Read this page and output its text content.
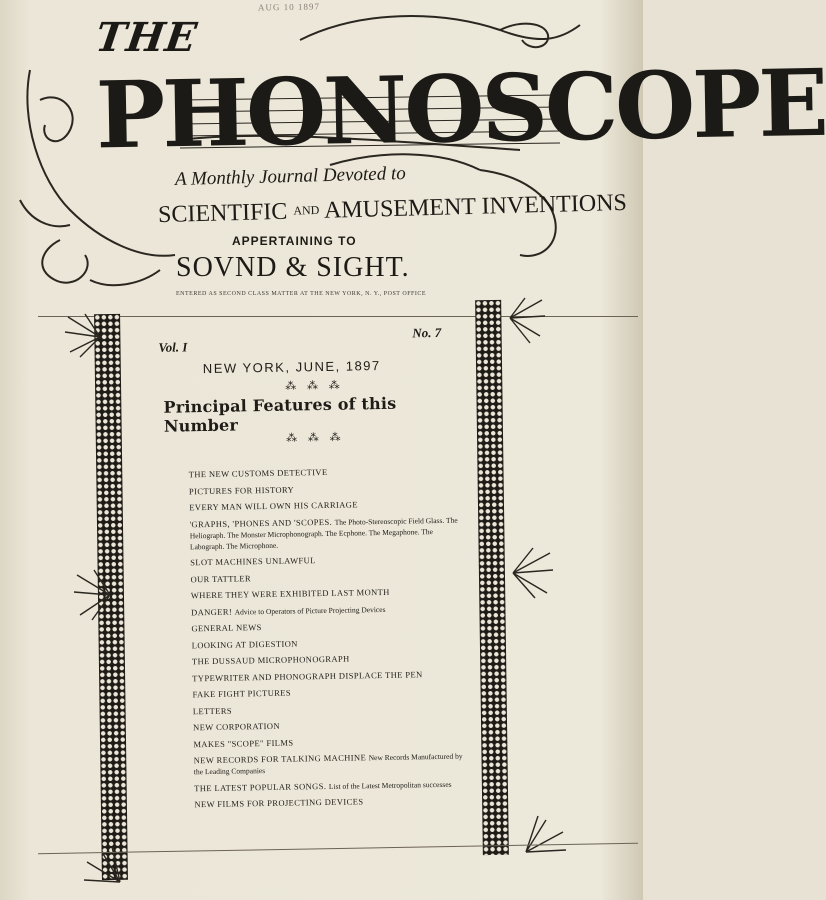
AUG 10 1897
THE
PHONOSCOPE
A Monthly Journal Devoted to
SCIENTIFIC AND AMUSEMENT INVENTIONS
APPERTAINING TO
SOVND & SIGHT.
ENTERED AS SECOND CLASS MATTER AT THE NEW YORK, N. Y., POST OFFICE
Vol. I
No. 7
NEW YORK, JUNE, 1897
⁂ ⁂ ⁂
Principal Features of this Number
⁂ ⁂ ⁂
THE NEW CUSTOMS DETECTIVE
PICTURES FOR HISTORY
EVERY MAN WILL OWN HIS CARRIAGE
'GRAPHS, 'PHONES AND 'SCOPES. The Photo-Stereoscopic Field Glass. The Heliograph. The Monster Microphonograph. The Ecphone. The Megaphone. The Labograph. The Microphone.
SLOT MACHINES UNLAWFUL
OUR TATTLER
WHERE THEY WERE EXHIBITED LAST MONTH
DANGER! Advice to Operators of Picture Projecting Devices
GENERAL NEWS
LOOKING AT DIGESTION
THE DUSSAUD MICROPHONOGRAPH
TYPEWRITER AND PHONOGRAPH DISPLACE THE PEN
FAKE FIGHT PICTURES
LETTERS
NEW CORPORATION
MAKES "SCOPE" FILMS
NEW RECORDS FOR TALKING MACHINE New Records Manufactured by the Leading Companies
THE LATEST POPULAR SONGS. List of the Latest Metropolitan successes
NEW FILMS FOR PROJECTING DEVICES
